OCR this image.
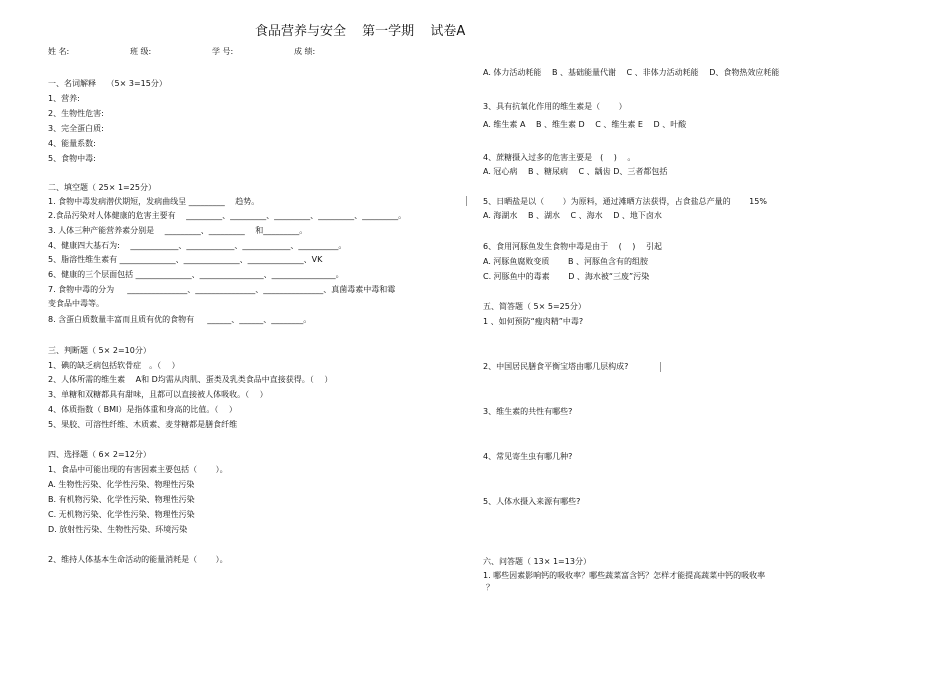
食品营养与安全 第一学期 试卷A
姓 名:	班 级:	学 号:	成 绩:
一、名词解释　 （5× 3=15分）
1、营养:
2、生物性危害:
3、完全蛋白质:
4、能量系数:
5、食物中毒:
二、填空题（ 25× 1=25分）
1. 食物中毒发病潜伏期短，发病曲线呈 _________　 趋势。
2.食品污染对人体健康的危害主要有　 _________、_________、_________、_________、_________。
3. 人体三种产能营养素分别是　 _________、_________　 和_________。
4、健康四大基石为:　 ____________、____________、____________、__________。
5、脂溶性维生素有 ______________、______________、______________、VK
6、健康的三个层面包括 ______________、________________、________________。
7. 食物中毒的分为 　 _______________、_______________、_______________、真菌毒素中毒和霉
变食品中毒等。
8. 含蛋白质数量丰富而且质有优的食物有 　 ______、______、________。
三、判断题（ 5× 2=10分）
1、碘的缺乏病包括软骨症　。（　 ）
2、人体所需的维生素　 A和 D均需从肉肌、蛋类及乳类食品中直接获得。（　 ）
3、单糖和双糖都具有甜味，且都可以直接被人体吸收。（　 ）
4、体质指数（ BMI）是指体重和身高的比值。（　 ）
5、果胶、可溶性纤维、木质素、麦芽糖都是膳食纤维
四、选择题（ 6× 2=12分）
1、食品中可能出现的有害因素主要包括（　　 ）。
A. 生物性污染、化学性污染、物理性污染
B. 有机物污染、化学性污染、物理性污染
C. 无机物污染、化学性污染、物理性污染
D. 放射性污染、生物性污染、环境污染
2、维持人体基本生命活动的能量消耗是（　　 ）。
A. 体力活动耗能　 B 、基础能量代谢　 C 、非体力活动耗能　 D、食物热效应耗能
3、具有抗氧化作用的维生素是（　　 ）
A. 维生素 A　 B 、维生素 D　 C 、维生素 E　 D 、叶酸
4、蔗糖摄入过多的危害主要是　(　 )　 。
A. 冠心病　 B 、糖尿病　 C 、龋齿 D、三者都包括
5、日晒盐是以（　　 ）为原料，通过滩晒方法获得，占食盐总产量的　　 15%
A. 海湖水　 B 、湖水　 C 、海水　 D 、地下卤水
6、食用河豚鱼发生食物中毒是由于　 (　 )　 引起
A. 河豚鱼腐败变质　　 B 、河豚鱼含有的组胺
C. 河豚鱼中的毒素　　 D 、海水被“三废”污染
五、简答题（ 5× 5=25分）
1 、如何预防“瘦肉精”中毒?
2、中国居民膳食平衡宝塔由哪几层构成?
3、维生素的共性有哪些?
4、常见寄生虫有哪几种?
5、人体水摄入来源有哪些?
六、问答题（ 13× 1=13分）
1. 哪些因素影响钙的吸收率？哪些蔬菜富含钙？怎样才能提高蔬菜中钙的吸收率
？
